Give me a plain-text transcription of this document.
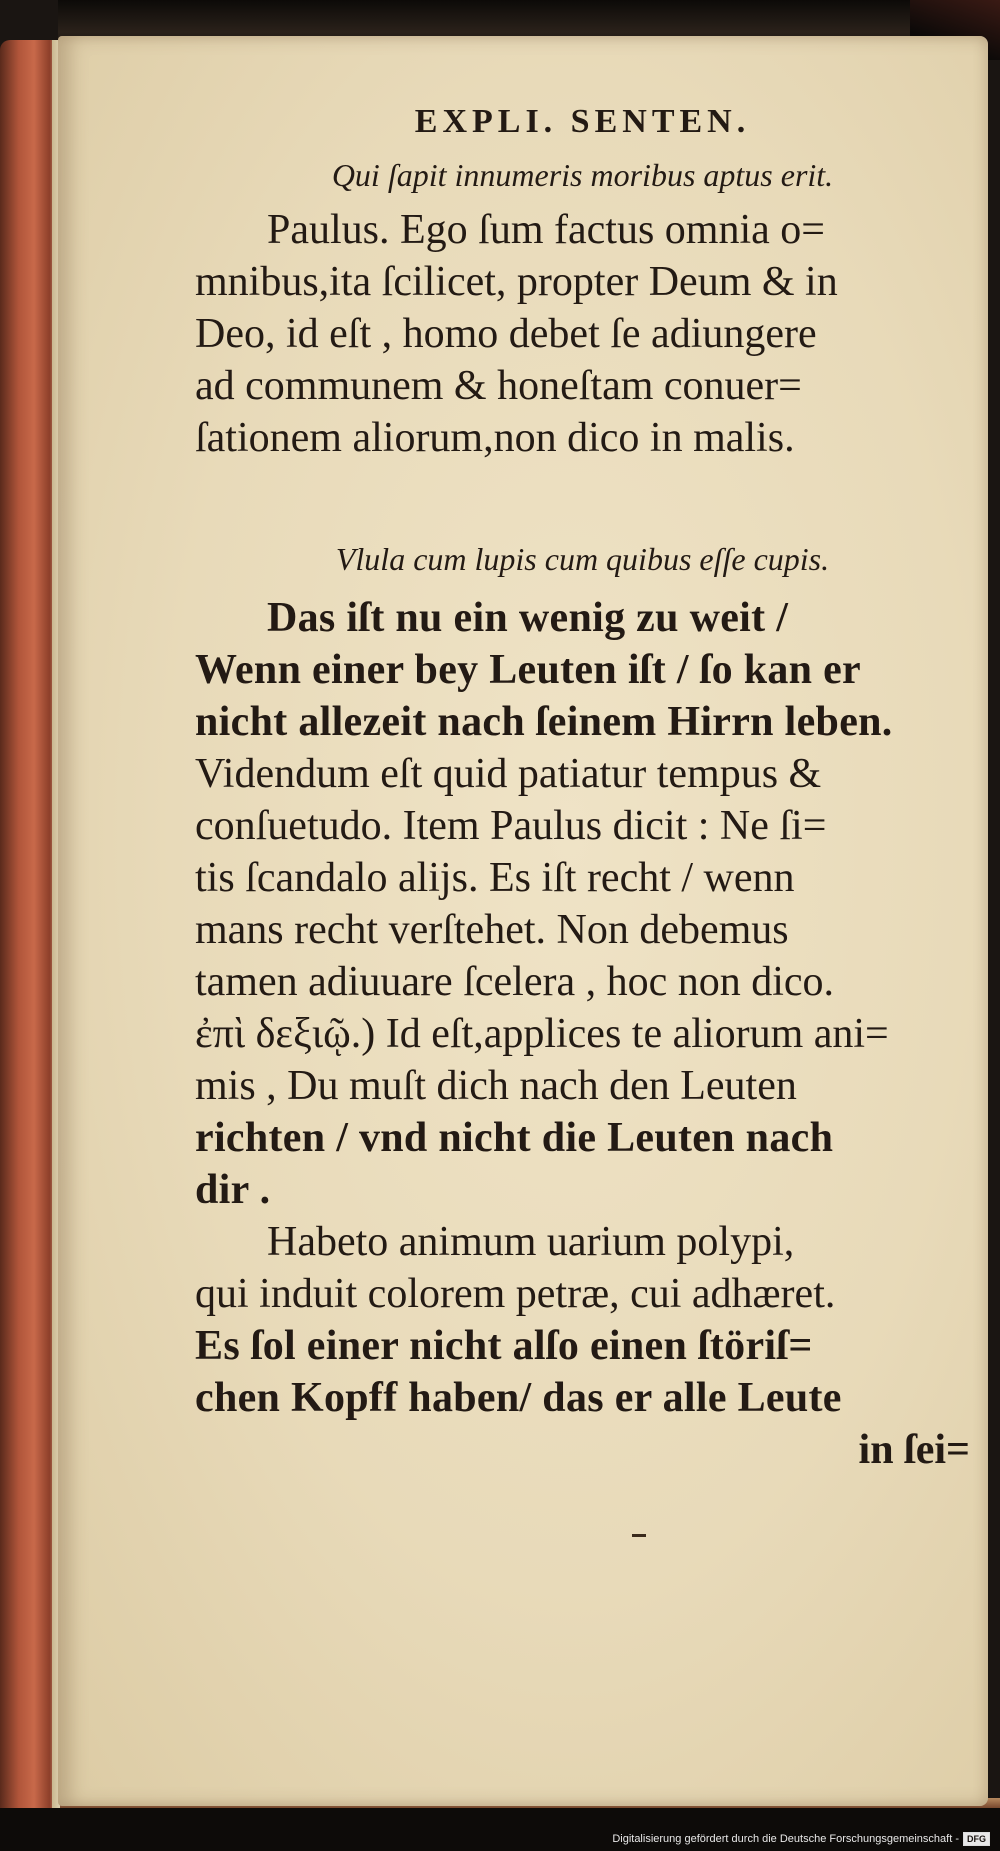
EXPLI. SENTEN.
Qui ſapit innumeris moribus aptus erit.
Paulus. Ego ſum factus omnia o=
mnibus,ita ſcilicet, propter Deum & in
Deo, id eſt , homo debet ſe adiungere
ad communem & honeſtam conuer=
ſationem aliorum,non dico in malis.
Vlula cum lupis cum quibus eſſe cupis.
Das iſt nu ein wenig zu weit /
Wenn einer bey Leuten iſt / ſo kan er
nicht allezeit nach ſeinem Hirrn leben.
Videndum eſt quid patiatur tempus &
conſuetudo. Item Paulus dicit : Ne ſi=
tis ſcandalo alijs. Es iſt recht / wenn
mans recht verſtehet. Non debemus
tamen adiuuare ſcelera , hoc non dico.
ἐπὶ δεξιῷ.) Id eſt,applices te aliorum ani=
mis , Du muſt dich nach den Leuten
richten / vnd nicht die Leuten nach
dir .
Habeto animum uarium polypi,
qui induit colorem petræ, cui adhæret.
Es ſol einer nicht alſo einen ſtöriſ=
chen Kopff haben/ das er alle Leute
in ſei=
Digitalisierung gefördert durch die Deutsche Forschungsgemeinschaft - DFG
